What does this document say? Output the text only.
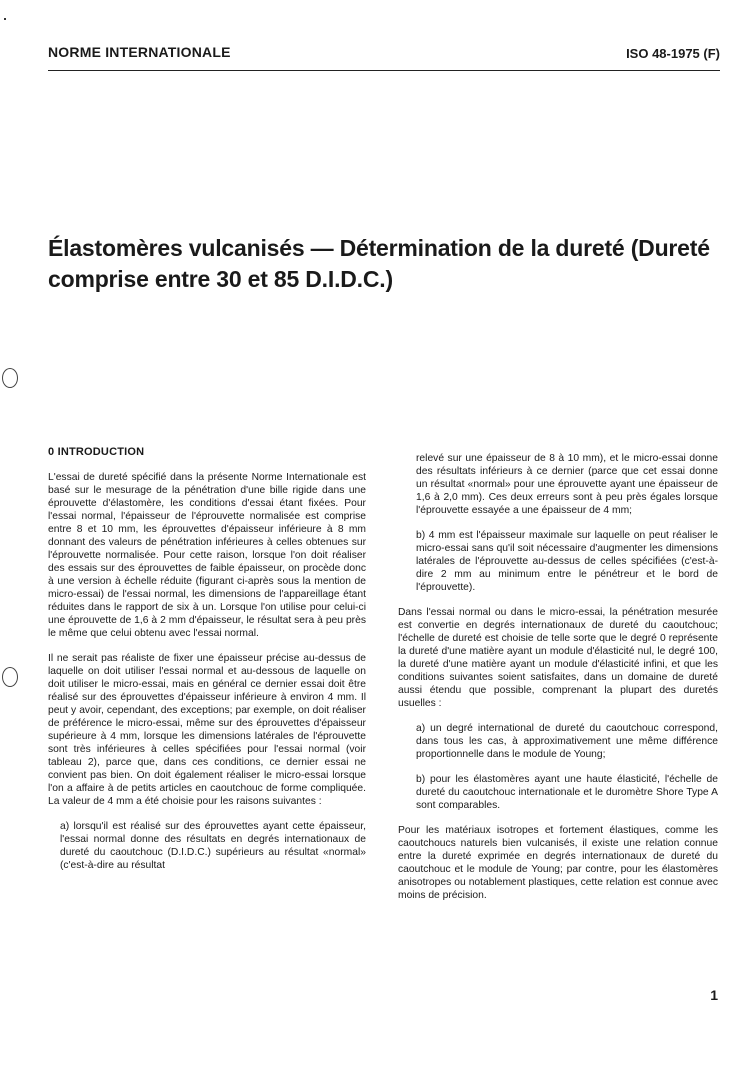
NORME INTERNATIONALE	ISO 48-1975 (F)
Élastomères vulcanisés — Détermination de la dureté (Dureté comprise entre 30 et 85 D.I.D.C.)
0 INTRODUCTION

L'essai de dureté spécifié dans la présente Norme Internationale est basé sur le mesurage de la pénétration d'une bille rigide dans une éprouvette d'élastomère, les conditions d'essai étant fixées. Pour l'essai normal, l'épaisseur de l'éprouvette normalisée est comprise entre 8 et 10 mm, les éprouvettes d'épaisseur inférieure à 8 mm donnant des valeurs de pénétration inférieures à celles obtenues sur l'éprouvette normalisée. Pour cette raison, lorsque l'on doit réaliser des essais sur des éprouvettes de faible épaisseur, on procède donc à une version à échelle réduite (figurant ci-après sous la mention de micro-essai) de l'essai normal, les dimensions de l'appareillage étant réduites dans le rapport de six à un. Lorsque l'on utilise pour celui-ci une éprouvette de 1,6 à 2 mm d'épaisseur, le résultat sera à peu près le même que celui obtenu avec l'essai normal.

Il ne serait pas réaliste de fixer une épaisseur précise au-dessus de laquelle on doit utiliser l'essai normal et au-dessous de laquelle on doit utiliser le micro-essai, mais en général ce dernier essai doit être réalisé sur des éprouvettes d'épaisseur inférieure à environ 4 mm. Il peut y avoir, cependant, des exceptions; par exemple, on doit réaliser de préférence le micro-essai, même sur des éprouvettes d'épaisseur supérieure à 4 mm, lorsque les dimensions latérales de l'éprouvette sont très inférieures à celles spécifiées pour l'essai normal (voir tableau 2), parce que, dans ces conditions, ce dernier essai ne convient pas bien. On doit également réaliser le micro-essai lorsque l'on a affaire à de petits articles en caoutchouc de forme compliquée. La valeur de 4 mm a été choisie pour les raisons suivantes :

a) lorsqu'il est réalisé sur des éprouvettes ayant cette épaisseur, l'essai normal donne des résultats en degrés internationaux de dureté du caoutchouc (D.I.D.C.) supérieurs au résultat «normal» (c'est-à-dire au résultat

relevé sur une épaisseur de 8 à 10 mm), et le micro-essai donne des résultats inférieurs à ce dernier (parce que cet essai donne un résultat «normal» pour une éprouvette ayant une épaisseur de 1,6 à 2,0 mm). Ces deux erreurs sont à peu près égales lorsque l'éprouvette essayée a une épaisseur de 4 mm;

b) 4 mm est l'épaisseur maximale sur laquelle on peut réaliser le micro-essai sans qu'il soit nécessaire d'augmenter les dimensions latérales de l'éprouvette au-dessus de celles spécifiées (c'est-à-dire 2 mm au minimum entre le pénétreur et le bord de l'éprouvette).

Dans l'essai normal ou dans le micro-essai, la pénétration mesurée est convertie en degrés internationaux de dureté du caoutchouc; l'échelle de dureté est choisie de telle sorte que le degré 0 représente la dureté d'une matière ayant un module d'élasticité nul, le degré 100, la dureté d'une matière ayant un module d'élasticité infini, et que les conditions suivantes soient satisfaites, dans un domaine de dureté aussi étendu que possible, comprenant la plupart des duretés usuelles :

a) un degré international de dureté du caoutchouc correspond, dans tous les cas, à approximativement une même différence proportionnelle dans le module de Young;

b) pour les élastomères ayant une haute élasticité, l'échelle de dureté du caoutchouc internationale et le duromètre Shore Type A sont comparables.

Pour les matériaux isotropes et fortement élastiques, comme les caoutchoucs naturels bien vulcanisés, il existe une relation connue entre la dureté exprimée en degrés internationaux de dureté du caoutchouc et le module de Young; par contre, pour les élastomères anisotropes ou notablement plastiques, cette relation est connue avec moins de précision.

1
